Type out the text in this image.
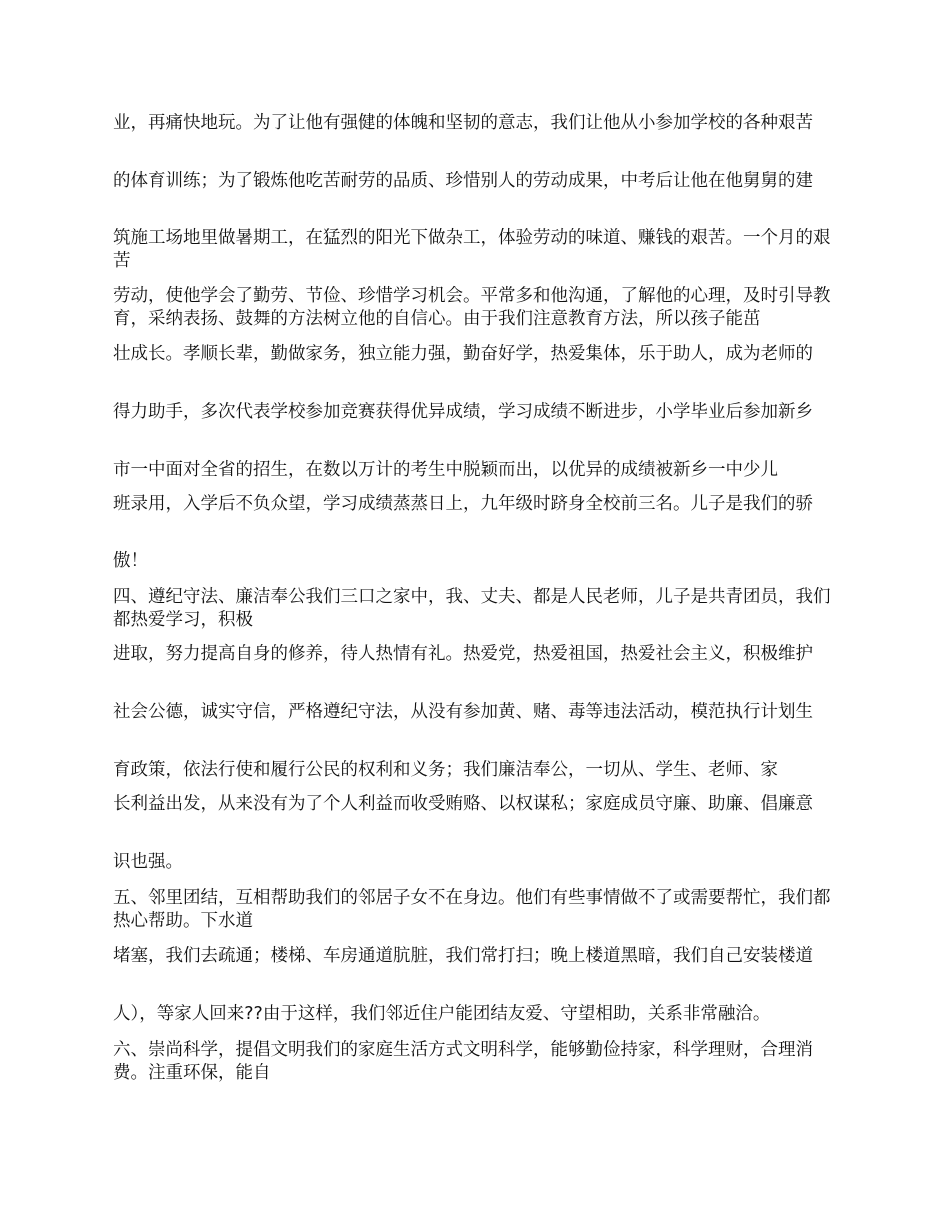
业，再痛快地玩。为了让他有强健的体魄和坚韧的意志，我们让他从小参加学校的各种艰苦

的体育训练；为了锻炼他吃苦耐劳的品质、珍惜别人的劳动成果，中考后让他在他舅舅的建

筑施工场地里做暑期工，在猛烈的阳光下做杂工，体验劳动的味道、赚钱的艰苦。一个月的艰苦

劳动，使他学会了勤劳、节俭、珍惜学习机会。平常多和他沟通，了解他的心理，及时引导教育，采纳表扬、鼓舞的方法树立他的自信心。由于我们注意教育方法，所以孩子能茁

壮成长。孝顺长辈，勤做家务，独立能力强，勤奋好学，热爱集体，乐于助人，成为老师的

得力助手，多次代表学校参加竞赛获得优异成绩，学习成绩不断进步，小学毕业后参加新乡

市一中面对全省的招生，在数以万计的考生中脱颖而出，以优异的成绩被新乡一中少儿

班录用，入学后不负众望，学习成绩蒸蒸日上，九年级时跻身全校前三名。儿子是我们的骄

傲！

四、遵纪守法、廉洁奉公我们三口之家中，我、丈夫、都是人民老师，儿子是共青团员，我们都热爱学习，积极

进取，努力提高自身的修养，待人热情有礼。热爱党，热爱祖国，热爱社会主义，积极维护

社会公德，诚实守信，严格遵纪守法，从没有参加黄、赌、毒等违法活动，模范执行计划生

育政策，依法行使和履行公民的权利和义务；我们廉洁奉公，一切从、学生、老师、家

长利益出发，从来没有为了个人利益而收受贿赂、以权谋私；家庭成员守廉、助廉、倡廉意

识也强。

五、邻里团结，互相帮助我们的邻居子女不在身边。他们有些事情做不了或需要帮忙，我们都热心帮助。下水道

堵塞，我们去疏通；楼梯、车房通道肮脏，我们常打扫；晚上楼道黑暗，我们自己安装楼道

人），等家人回来??由于这样，我们邻近住户能团结友爱、守望相助，关系非常融洽。

六、崇尚科学，提倡文明我们的家庭生活方式文明科学，能够勤俭持家，科学理财，合理消费。注重环保，能自
